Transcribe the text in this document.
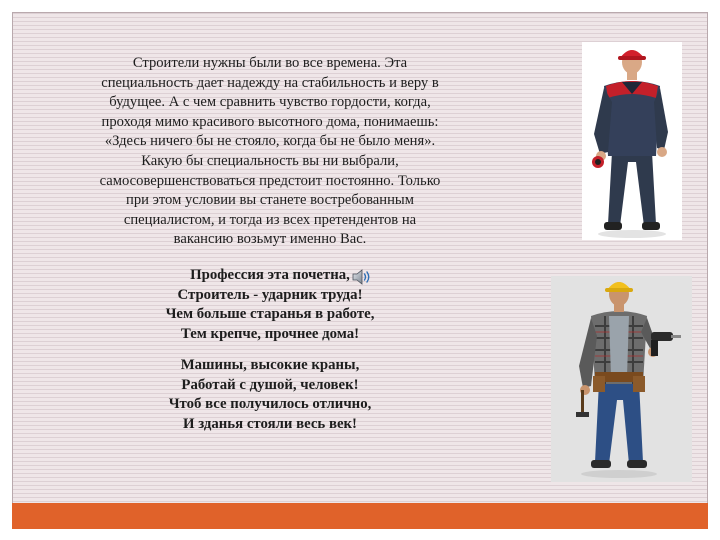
Строители нужны были во все времена. Эта
специальность дает надежду на стабильность и веру в
будущее. А с чем сравнить чувство гордости, когда,
проходя мимо красивого высотного дома, понимаешь:
«Здесь ничего бы не стояло, когда бы не было меня».
Какую бы специальность вы ни выбрали,
самосовершенствоваться предстоит постоянно. Только
при этом условии вы станете востребованным
специалистом, и тогда из всех претендентов на
вакансию возьмут именно Вас.
Профессия эта почетна,
Строитель - ударник труда!
Чем больше старанья в работе,
Тем крепче, прочнее дома!
Машины, высокие краны,
Работай с душой, человек!
Чтоб все получилось отлично,
И зданья стояли весь век!
